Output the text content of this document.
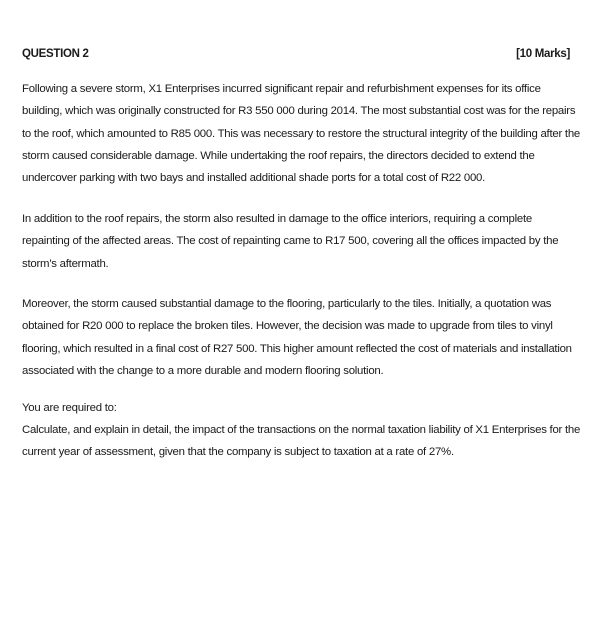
QUESTION 2	[10 Marks]

Following a severe storm, X1 Enterprises incurred significant repair and refurbishment expenses for its office building, which was originally constructed for R3 550 000 during 2014. The most substantial cost was for the repairs to the roof, which amounted to R85 000. This was necessary to restore the structural integrity of the building after the storm caused considerable damage. While undertaking the roof repairs, the directors decided to extend the undercover parking with two bays and installed additional shade ports for a total cost of R22 000.

In addition to the roof repairs, the storm also resulted in damage to the office interiors, requiring a complete repainting of the affected areas. The cost of repainting came to R17 500, covering all the offices impacted by the storm’s aftermath.

Moreover, the storm caused substantial damage to the flooring, particularly to the tiles. Initially, a quotation was obtained for R20 000 to replace the broken tiles. However, the decision was made to upgrade from tiles to vinyl flooring, which resulted in a final cost of R27 500. This higher amount reflected the cost of materials and installation associated with the change to a more durable and modern flooring solution.

You are required to:
Calculate, and explain in detail, the impact of the transactions on the normal taxation liability of X1 Enterprises for the current year of assessment, given that the company is subject to taxation at a rate of 27%.
